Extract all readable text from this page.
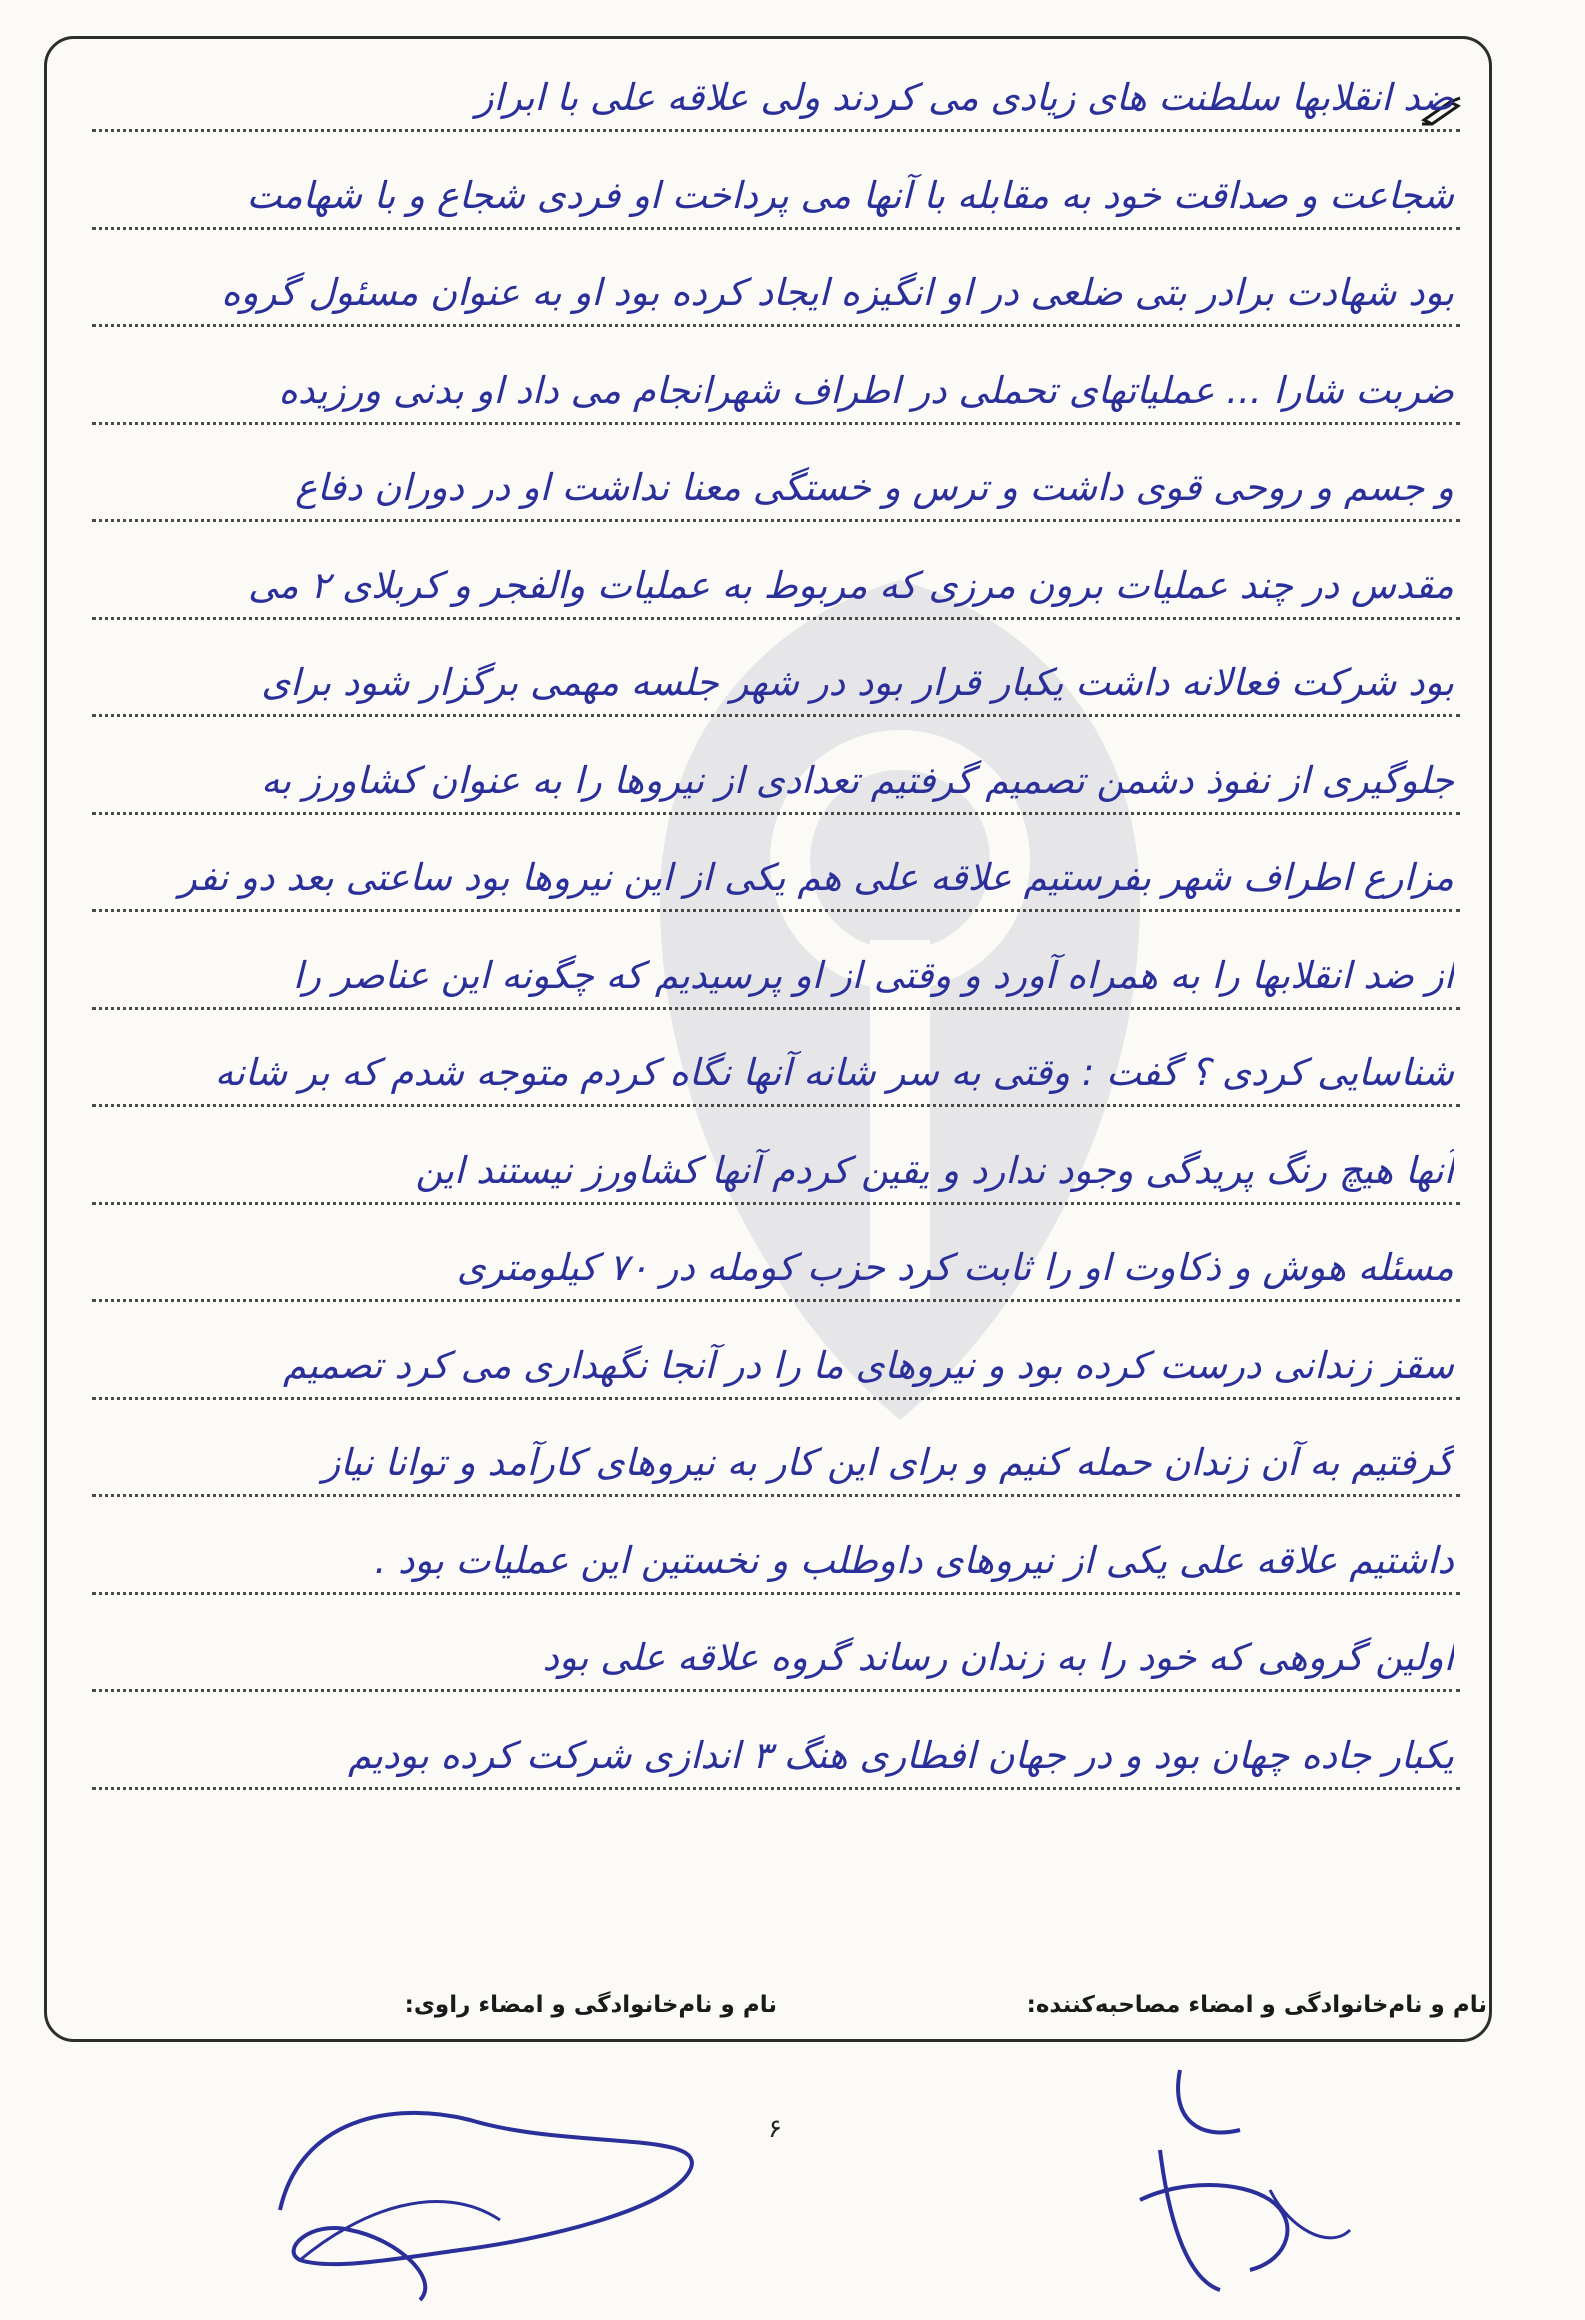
ضد انقلابها سلطنت های زیادی می کردند ولی علاقه علی با ابراز
شجاعت و صداقت خود به مقابله با آنها می پرداخت او فردی شجاع و با شهامت
بود شهادت برادر بتی ضلعی در او انگیزه ایجاد کرده بود او به عنوان مسئول گروه
ضربت شارا ... عملیاتهای تحملی در اطراف شهرانجام می داد او بدنی ورزیده
و جسم و روحی قوی داشت و ترس و خستگی معنا نداشت او در دوران دفاع
مقدس در چند عملیات برون مرزی که مربوط به عملیات والفجر و کربلای ۲ می
بود شرکت فعالانه داشت یکبار قرار بود در شهر جلسه مهمی برگزار شود برای
جلوگیری از نفوذ دشمن تصمیم گرفتیم تعدادی از نیروها را به عنوان کشاورز به
مزارع اطراف شهر بفرستیم علاقه علی هم یکی از این نیروها بود ساعتی بعد دو نفر
از ضد انقلابها را به همراه آورد و وقتی از او پرسیدیم که چگونه این عناصر را
شناسایی کردی ؟ گفت : وقتی به سر شانه آنها نگاه کردم متوجه شدم که بر شانه
آنها هیچ رنگ پریدگی وجود ندارد و یقین کردم آنها کشاورز نیستند این
مسئله هوش و ذکاوت او را ثابت کرد حزب کومله در ۷۰ کیلومتری
سقز زندانی درست کرده بود و نیروهای ما را در آنجا نگهداری می کرد تصمیم
گرفتیم به آن زندان حمله کنیم و برای این کار به نیروهای کارآمد و توانا نیاز
داشتیم علاقه علی یکی از نیروهای داوطلب و نخستین این عملیات بود .
اولین گروهی که خود را به زندان رساند گروه علاقه علی بود
یکبار جاده چهان بود و در جهان افطاری هنگ ۳ اندازی شرکت کرده بودیم
نام و نام‌خانوادگی و امضاء راوی:	نام و نام‌خانوادگی و امضاء مصاحبه‌کننده:
۶
